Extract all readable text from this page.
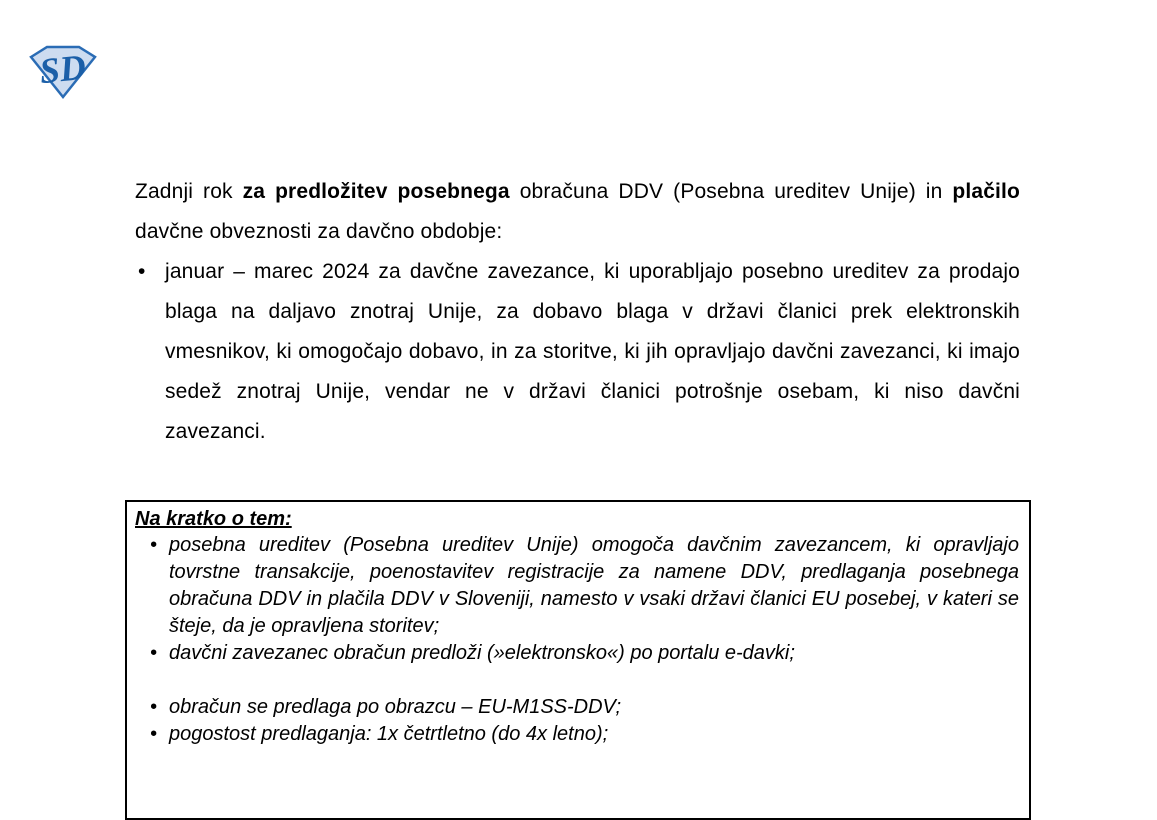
SD

Zadnji rok za predložitev posebnega obračuna DDV (Posebna ureditev Unije) in plačilo davčne obveznosti za davčno obdobje:

• januar – marec 2024 za davčne zavezance, ki uporabljajo posebno ureditev za prodajo blaga na daljavo znotraj Unije, za dobavo blaga v državi članici prek elektronskih vmesnikov, ki omogočajo dobavo, in za storitve, ki jih opravljajo davčni zavezanci, ki imajo sedež znotraj Unije, vendar ne v državi članici potrošnje osebam, ki niso davčni zavezanci.
Na kratko o tem:
• posebna ureditev (Posebna ureditev Unije) omogoča davčnim zavezancem, ki opravljajo tovrstne transakcije, poenostavitev registracije za namene DDV, predlaganja posebnega obračuna DDV in plačila DDV v Sloveniji, namesto v vsaki državi članici EU posebej, v kateri se šteje, da je opravljena storitev;
• davčni zavezanec obračun predloži (»elektronsko«) po portalu e-davki;
• obračun se predlaga po obrazcu – EU-M1SS-DDV;
• pogostost predlaganja: 1x četrtletno (do 4x letno);
